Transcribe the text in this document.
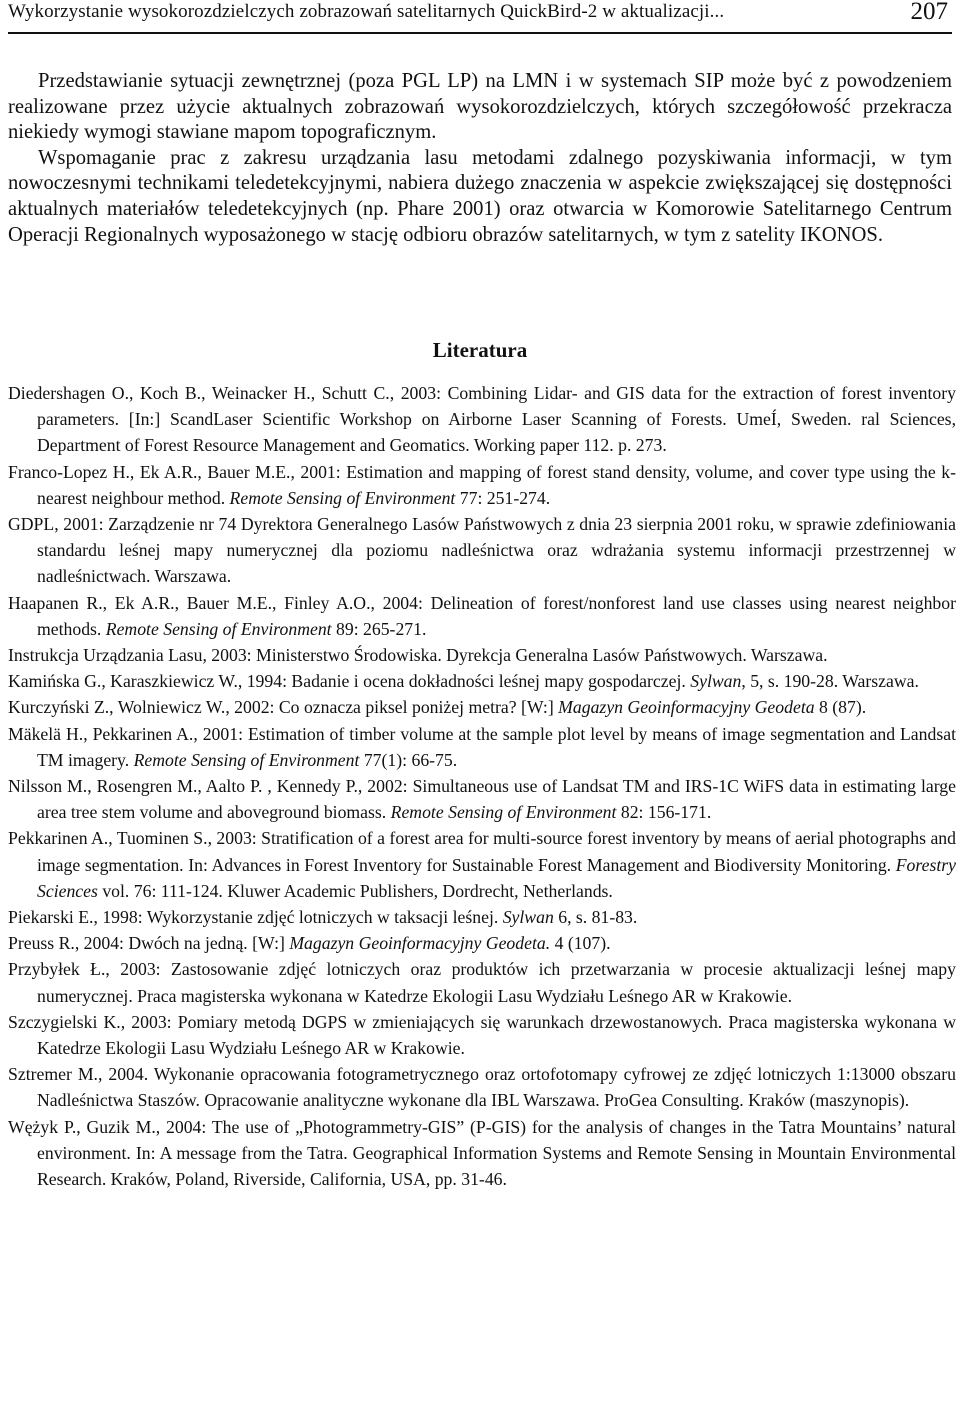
Wykorzystanie wysokorozdzielczych zobrazowań satelitarnych QuickBird-2 w aktualizacji...	207

Przedstawianie sytuacji zewnętrznej (poza PGL LP) na LMN i w systemach SIP może być z powodzeniem realizowane przez użycie aktualnych zobrazowań wysokorozdzielczych, których szczegółowość przekracza niekiedy wymogi stawiane mapom topograficznym.

Wspomaganie prac z zakresu urządzania lasu metodami zdalnego pozyskiwania informacji, w tym nowoczesnymi technikami teledetekcyjnymi, nabiera dużego znaczenia w aspekcie zwiększającej się dostępności aktualnych materiałów teledetekcyjnych (np. Phare 2001) oraz otwarcia w Komorowie Satelitarnego Centrum Operacji Regionalnych wyposażonego w stację odbioru obrazów satelitarnych, w tym z satelity IKONOS.

Literatura
Diedershagen O., Koch B., Weinacker H., Schutt C., 2003: Combining Lidar- and GIS data for the extraction of forest inventory parameters. [In:] ScandLaser Scientific Workshop on Airborne Laser Scanning of Forests. UmeÍ, Sweden. ral Sciences, Department of Forest Resource Management and Geomatics. Working paper 112. p. 273.
Franco-Lopez H., Ek A.R., Bauer M.E., 2001: Estimation and mapping of forest stand density, volume, and cover type using the k-nearest neighbour method. Remote Sensing of Environment 77: 251-274.
GDPL, 2001: Zarządzenie nr 74 Dyrektora Generalnego Lasów Państwowych z dnia 23 sierpnia 2001 roku, w sprawie zdefiniowania standardu leśnej mapy numerycznej dla poziomu nadleśnictwa oraz wdrażania systemu informacji przestrzennej w nadleśnictwach. Warszawa.
Haapanen R., Ek A.R., Bauer M.E., Finley A.O., 2004: Delineation of forest/nonforest land use classes using nearest neighbor methods. Remote Sensing of Environment 89: 265-271.
Instrukcja Urządzania Lasu, 2003: Ministerstwo Środowiska. Dyrekcja Generalna Lasów Państwowych. Warszawa.
Kamińska G., Karaszkiewicz W., 1994: Badanie i ocena dokładności leśnej mapy gospodarczej. Sylwan, 5, s. 190-28. Warszawa.
Kurczyński Z., Wolniewicz W., 2002: Co oznacza piksel poniżej metra? [W:] Magazyn Geoinformacyjny Geodeta 8 (87).
Mäkelä H., Pekkarinen A., 2001: Estimation of timber volume at the sample plot level by means of image segmentation and Landsat TM imagery. Remote Sensing of Environment 77(1): 66-75.
Nilsson M., Rosengren M., Aalto P. , Kennedy P., 2002: Simultaneous use of Landsat TM and IRS-1C WiFS data in estimating large area tree stem volume and aboveground biomass. Remote Sensing of Environment 82: 156-171.
Pekkarinen A., Tuominen S., 2003: Stratification of a forest area for multi-source forest inventory by means of aerial photographs and image segmentation. In: Advances in Forest Inventory for Sustainable Forest Management and Biodiversity Monitoring. Forestry Sciences vol. 76: 111-124. Kluwer Academic Publishers, Dordrecht, Netherlands.
Piekarski E., 1998: Wykorzystanie zdjęć lotniczych w taksacji leśnej. Sylwan 6, s. 81-83.
Preuss R., 2004: Dwóch na jedną. [W:] Magazyn Geoinformacyjny Geodeta. 4 (107).
Przybyłek Ł., 2003: Zastosowanie zdjęć lotniczych oraz produktów ich przetwarzania w procesie aktualizacji leśnej mapy numerycznej. Praca magisterska wykonana w Katedrze Ekologii Lasu Wydziału Leśnego AR w Krakowie.
Szczygielski K., 2003: Pomiary metodą DGPS w zmieniających się warunkach drzewostanowych. Praca magisterska wykonana w Katedrze Ekologii Lasu Wydziału Leśnego AR w Krakowie.
Sztremer M., 2004. Wykonanie opracowania fotogrametrycznego oraz ortofotomapy cyfrowej ze zdjęć lotniczych 1:13000 obszaru Nadleśnictwa Staszów. Opracowanie analityczne wykonane dla IBL Warszawa. ProGea Consulting. Kraków (maszynopis).
Wężyk P., Guzik M., 2004: The use of „Photogrammetry-GIS” (P-GIS) for the analysis of changes in the Tatra Mountains’ natural environment. In: A message from the Tatra. Geographical Information Systems and Remote Sensing in Mountain Environmental Research. Kraków, Poland, Riverside, California, USA, pp. 31-46.
